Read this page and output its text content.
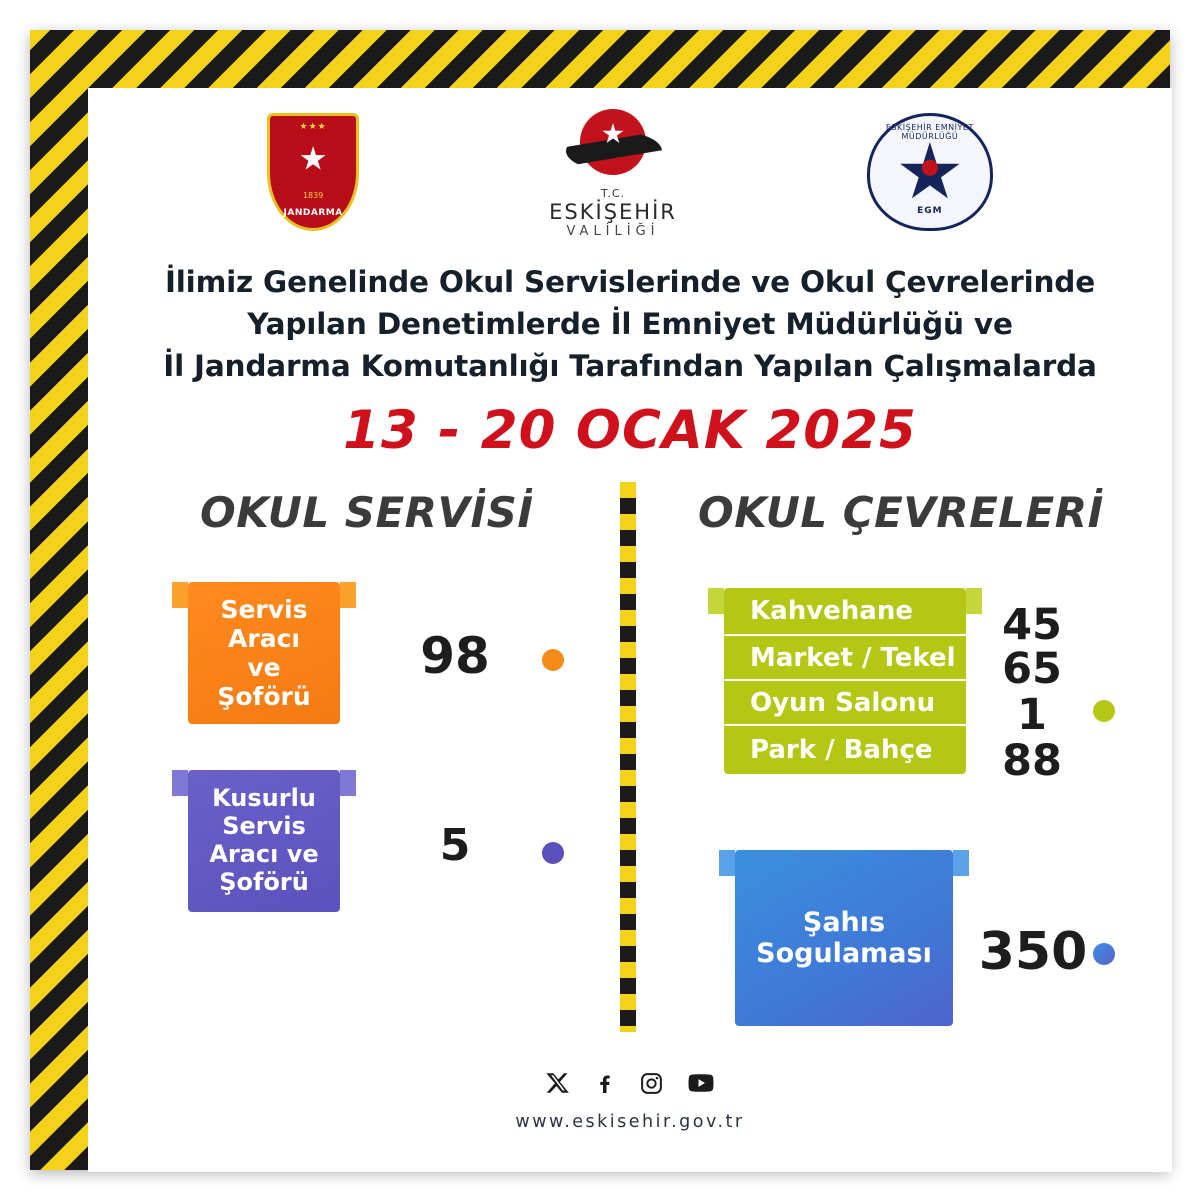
★★★
1839
JANDARMA
T.C.
ESKİŞEHİR
VALİLİĞİ
ESKİŞEHİR EMNİYET MÜDÜRLÜĞÜ
EGM
İlimiz Genelinde Okul Servislerinde ve Okul Çevrelerinde
Yapılan Denetimlerde İl Emniyet Müdürlüğü ve
İl Jandarma Komutanlığı Tarafından Yapılan Çalışmalarda
13 - 20 OCAK 2025
OKUL SERVİSİ	OKUL ÇEVRELERİ
Servis
Aracı
ve
Şoförü
98
Kusurlu
Servis
Aracı ve
Şoförü
5
Kahvehane
Market / Tekel
Oyun Salonu
Park / Bahçe
45
65
1
88
Şahıs
Sogulaması 350
www.eskisehir.gov.tr
